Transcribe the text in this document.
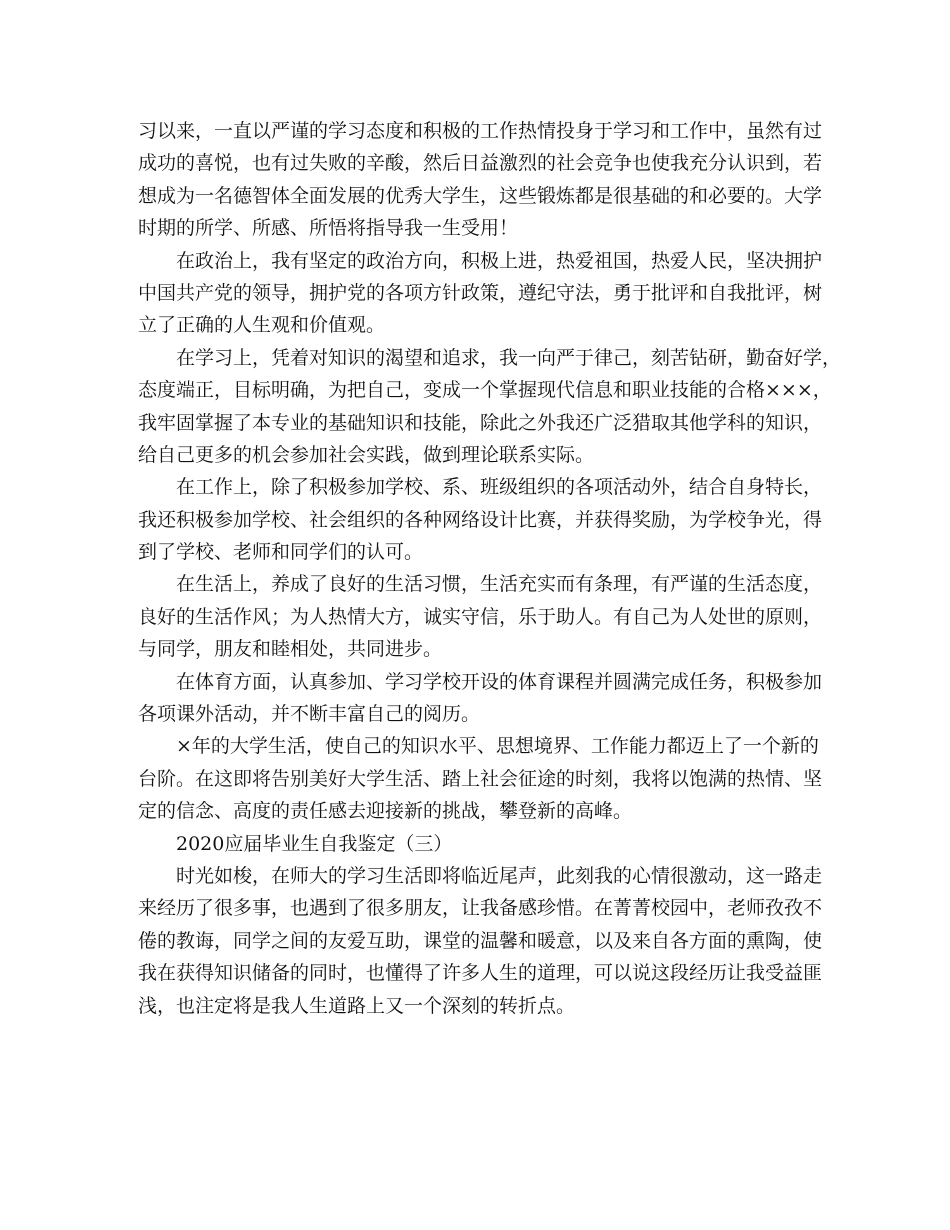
习以来，一直以严谨的学习态度和积极的工作热情投身于学习和工作中，虽然有过
成功的喜悦，也有过失败的辛酸，然后日益激烈的社会竞争也使我充分认识到，若
想成为一名德智体全面发展的优秀大学生，这些锻炼都是很基础的和必要的。大学
时期的所学、所感、所悟将指导我一生受用！
在政治上，我有坚定的政治方向，积极上进，热爱祖国，热爱人民，坚决拥护
中国共产党的领导，拥护党的各项方针政策，遵纪守法，勇于批评和自我批评，树
立了正确的人生观和价值观。
在学习上，凭着对知识的渴望和追求，我一向严于律己，刻苦钻研，勤奋好学，
态度端正，目标明确，为把自己，变成一个掌握现代信息和职业技能的合格×××，
我牢固掌握了本专业的基础知识和技能，除此之外我还广泛猎取其他学科的知识，
给自己更多的机会参加社会实践，做到理论联系实际。
在工作上，除了积极参加学校、系、班级组织的各项活动外，结合自身特长，
我还积极参加学校、社会组织的各种网络设计比赛，并获得奖励，为学校争光，得
到了学校、老师和同学们的认可。
在生活上，养成了良好的生活习惯，生活充实而有条理，有严谨的生活态度，
良好的生活作风；为人热情大方，诚实守信，乐于助人。有自己为人处世的原则，
与同学，朋友和睦相处，共同进步。
在体育方面，认真参加、学习学校开设的体育课程并圆满完成任务，积极参加
各项课外活动，并不断丰富自己的阅历。
×年的大学生活，使自己的知识水平、思想境界、工作能力都迈上了一个新的
台阶。在这即将告别美好大学生活、踏上社会征途的时刻，我将以饱满的热情、坚
定的信念、高度的责任感去迎接新的挑战，攀登新的高峰。
2020应届毕业生自我鉴定（三）
时光如梭，在师大的学习生活即将临近尾声，此刻我的心情很激动，这一路走
来经历了很多事，也遇到了很多朋友，让我备感珍惜。在菁菁校园中，老师孜孜不
倦的教诲，同学之间的友爱互助，课堂的温馨和暖意，以及来自各方面的熏陶，使
我在获得知识储备的同时，也懂得了许多人生的道理，可以说这段经历让我受益匪
浅，也注定将是我人生道路上又一个深刻的转折点。
